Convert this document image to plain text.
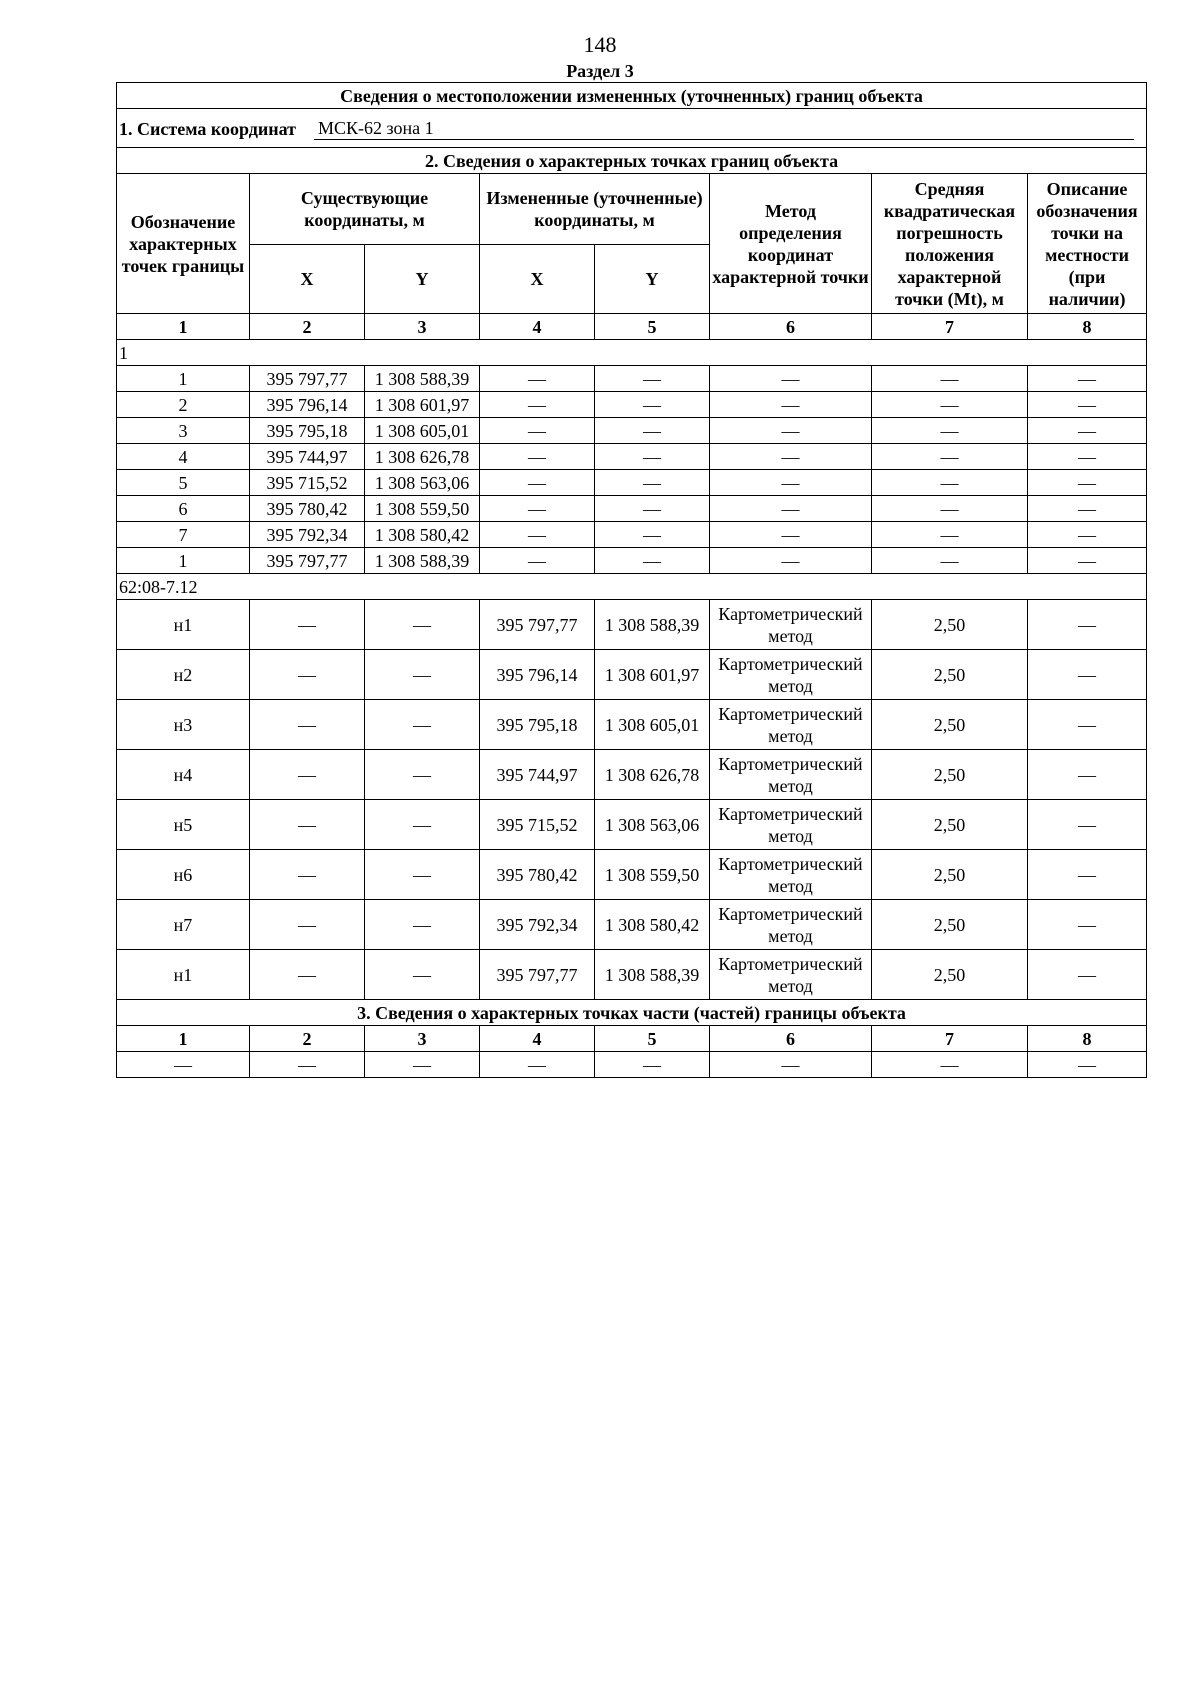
148
Раздел 3
Сведения о местоположении измененных (уточненных) границ объекта							

1. Система координат МСК-62 зона 1							

2. Сведения о характерных точках границ объекта							
Обозначение характерных точек границы	Существующие координаты, м		Измененные (уточненные) координаты, м		Метод определения координат характерной точки	Средняя квадратическая погрешность положения характерной точки (Mt), м	Описание обозначения точки на местности (при наличии)
	X	Y	X	Y			
1	2	3	4	5	6	7	8
1							
1	395 797,77	1 308 588,39	—	—	—	—	—
2	395 796,14	1 308 601,97	—	—	—	—	—
3	395 795,18	1 308 605,01	—	—	—	—	—
4	395 744,97	1 308 626,78	—	—	—	—	—
5	395 715,52	1 308 563,06	—	—	—	—	—
6	395 780,42	1 308 559,50	—	—	—	—	—
7	395 792,34	1 308 580,42	—	—	—	—	—
1	395 797,77	1 308 588,39	—	—	—	—	—
62:08-7.12							
н1	—	—	395 797,77	1 308 588,39	Картометрический метод	2,50	—
н2	—	—	395 796,14	1 308 601,97	Картометрический метод	2,50	—
н3	—	—	395 795,18	1 308 605,01	Картометрический метод	2,50	—
н4	—	—	395 744,97	1 308 626,78	Картометрический метод	2,50	—
н5	—	—	395 715,52	1 308 563,06	Картометрический метод	2,50	—
н6	—	—	395 780,42	1 308 559,50	Картометрический метод	2,50	—
н7	—	—	395 792,34	1 308 580,42	Картометрический метод	2,50	—
н1	—	—	395 797,77	1 308 588,39	Картометрический метод	2,50	—
3. Сведения о характерных точках части (частей) границы объекта							
1	2	3	4	5	6	7	8
—	—	—	—	—	—	—	—
